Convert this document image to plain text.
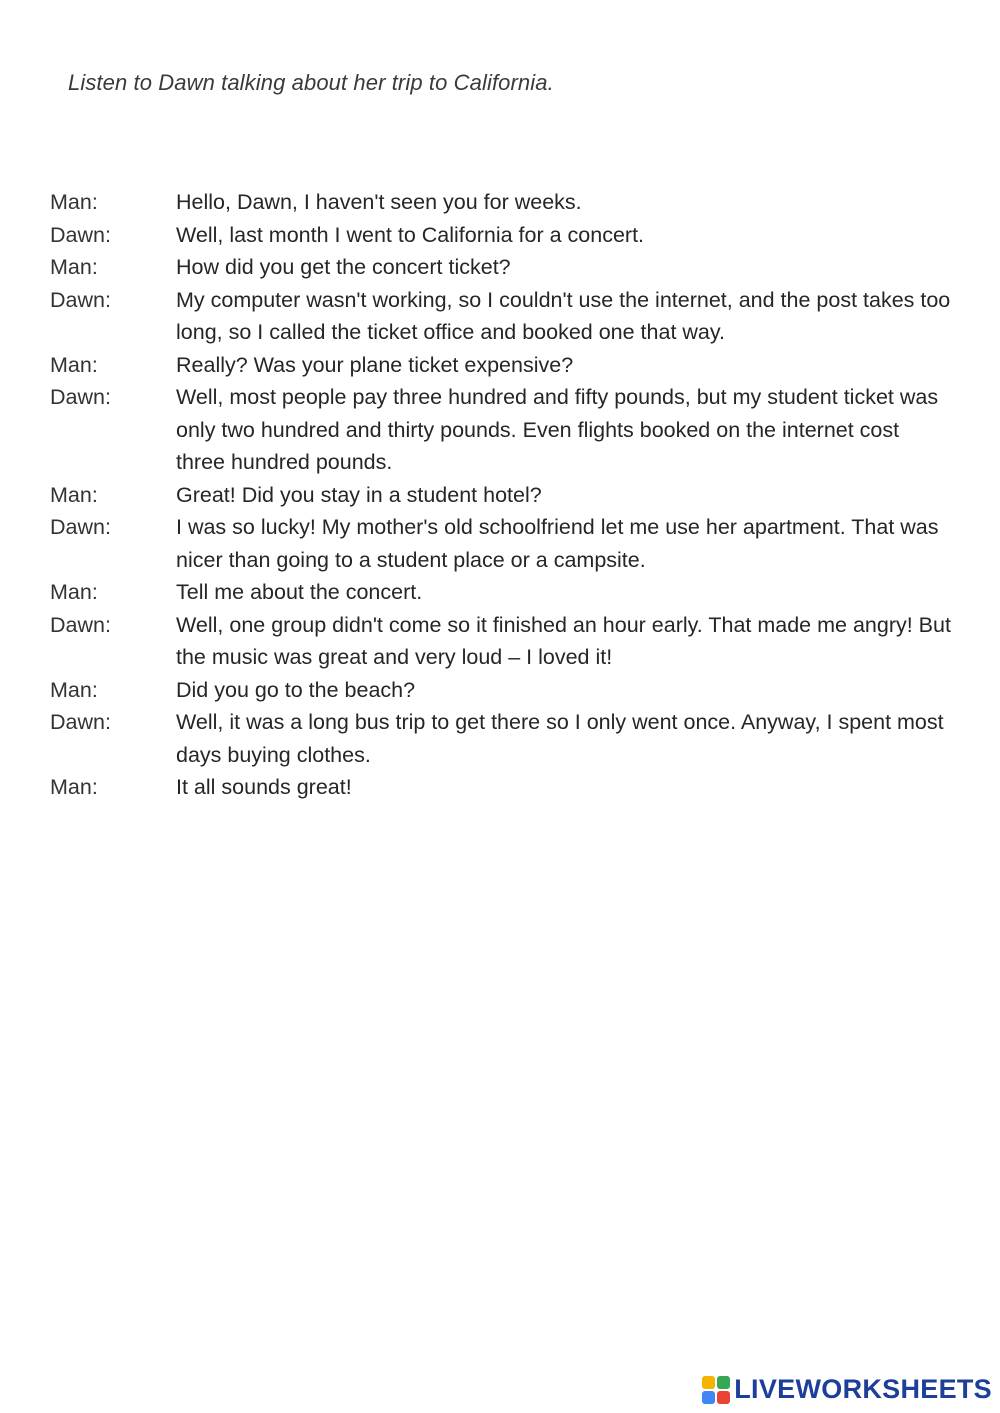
Listen to Dawn talking about her trip to California.
Man:	Hello, Dawn, I haven't seen you for weeks.
Dawn:	Well, last month I went to California for a concert.
Man:	How did you get the concert ticket?
Dawn:	My computer wasn't working, so I couldn't use the internet, and the post takes too long, so I called the ticket office and booked one that way.
Man:	Really? Was your plane ticket expensive?
Dawn:	Well, most people pay three hundred and fifty pounds, but my student ticket was only two hundred and thirty pounds. Even flights booked on the internet cost three hundred pounds.
Man:	Great! Did you stay in a student hotel?
Dawn:	I was so lucky! My mother's old schoolfriend let me use her apartment. That was nicer than going to a student place or a campsite.
Man:	Tell me about the concert.
Dawn:	Well, one group didn't come so it finished an hour early. That made me angry! But the music was great and very loud – I loved it!
Man:	Did you go to the beach?
Dawn:	Well, it was a long bus trip to get there so I only went once. Anyway, I spent most days buying clothes.
Man:	It all sounds great!
LIVEWORKSHEETS
